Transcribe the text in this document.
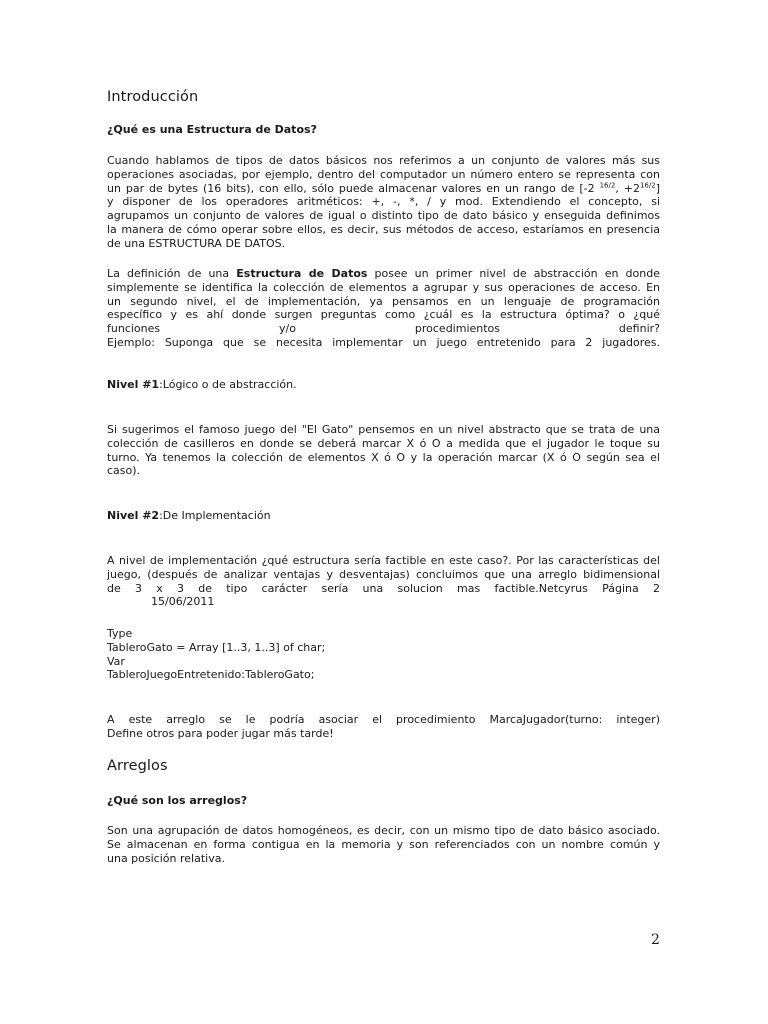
Introducción
¿Qué es una Estructura de Datos?
Cuando hablamos de tipos de datos básicos nos referimos a un conjunto de valores más sus
operaciones asociadas, por ejemplo, dentro del computador un número entero se representa con
un par de bytes (16 bits), con ello, sólo puede almacenar valores en un rango de [-2 $^{16/2}$, $+2^{16/2}$]
y disponer de los operadores aritméticos: +, -, *, / y mod. Extendiendo el concepto, si
agrupamos un conjunto de valores de igual o distinto tipo de dato básico y enseguida definimos
la manera de cómo operar sobre ellos, es decir, sus métodos de acceso, estaríamos en presencia
de una ESTRUCTURA DE DATOS.
La definición de una Estructura de Datos posee un primer nivel de abstracción en donde
simplemente se identifica la colección de elementos a agrupar y sus operaciones de acceso. En
un segundo nivel, el de implementación, ya pensamos en un lenguaje de programación
específico y es ahí donde surgen preguntas como ¿cuál es la estructura óptima? o ¿qué
funciones y/o procedimientos definir?
Ejemplo: Suponga que se necesita implementar un juego entretenido para 2 jugadores.

Nivel #1:Lógico o de abstracción.

Si sugerimos el famoso juego del "El Gato" pensemos en un nivel abstracto que se trata de una
colección de casilleros en donde se deberá marcar X ó O a medida que el jugador le toque su
turno. Ya tenemos la colección de elementos X ó O y la operación marcar (X ó O según sea el
caso).

Nivel #2:De Implementación

A nivel de implementación ¿qué estructura sería factible en este caso?. Por las características del
juego, (después de analizar ventajas y desventajas) concluimos que una arreglo bidimensional
de 3 x 3 de tipo carácter sería una solucion mas factible.Netcyrus Página 2
15/06/2011
Type
TableroGato = Array [1..3, 1..3] of char;
Var
TableroJuegoEntretenido:TableroGato;
A este arreglo se le podría asociar el procedimiento MarcaJugador(turno: integer)
Define otros para poder jugar más tarde!
Arreglos
¿Qué son los arreglos?
Son una agrupación de datos homogéneos, es decir, con un mismo tipo de dato básico asociado.
Se almacenan en forma contigua en la memoria y son referenciados con un nombre común y
una posición relativa.
2
